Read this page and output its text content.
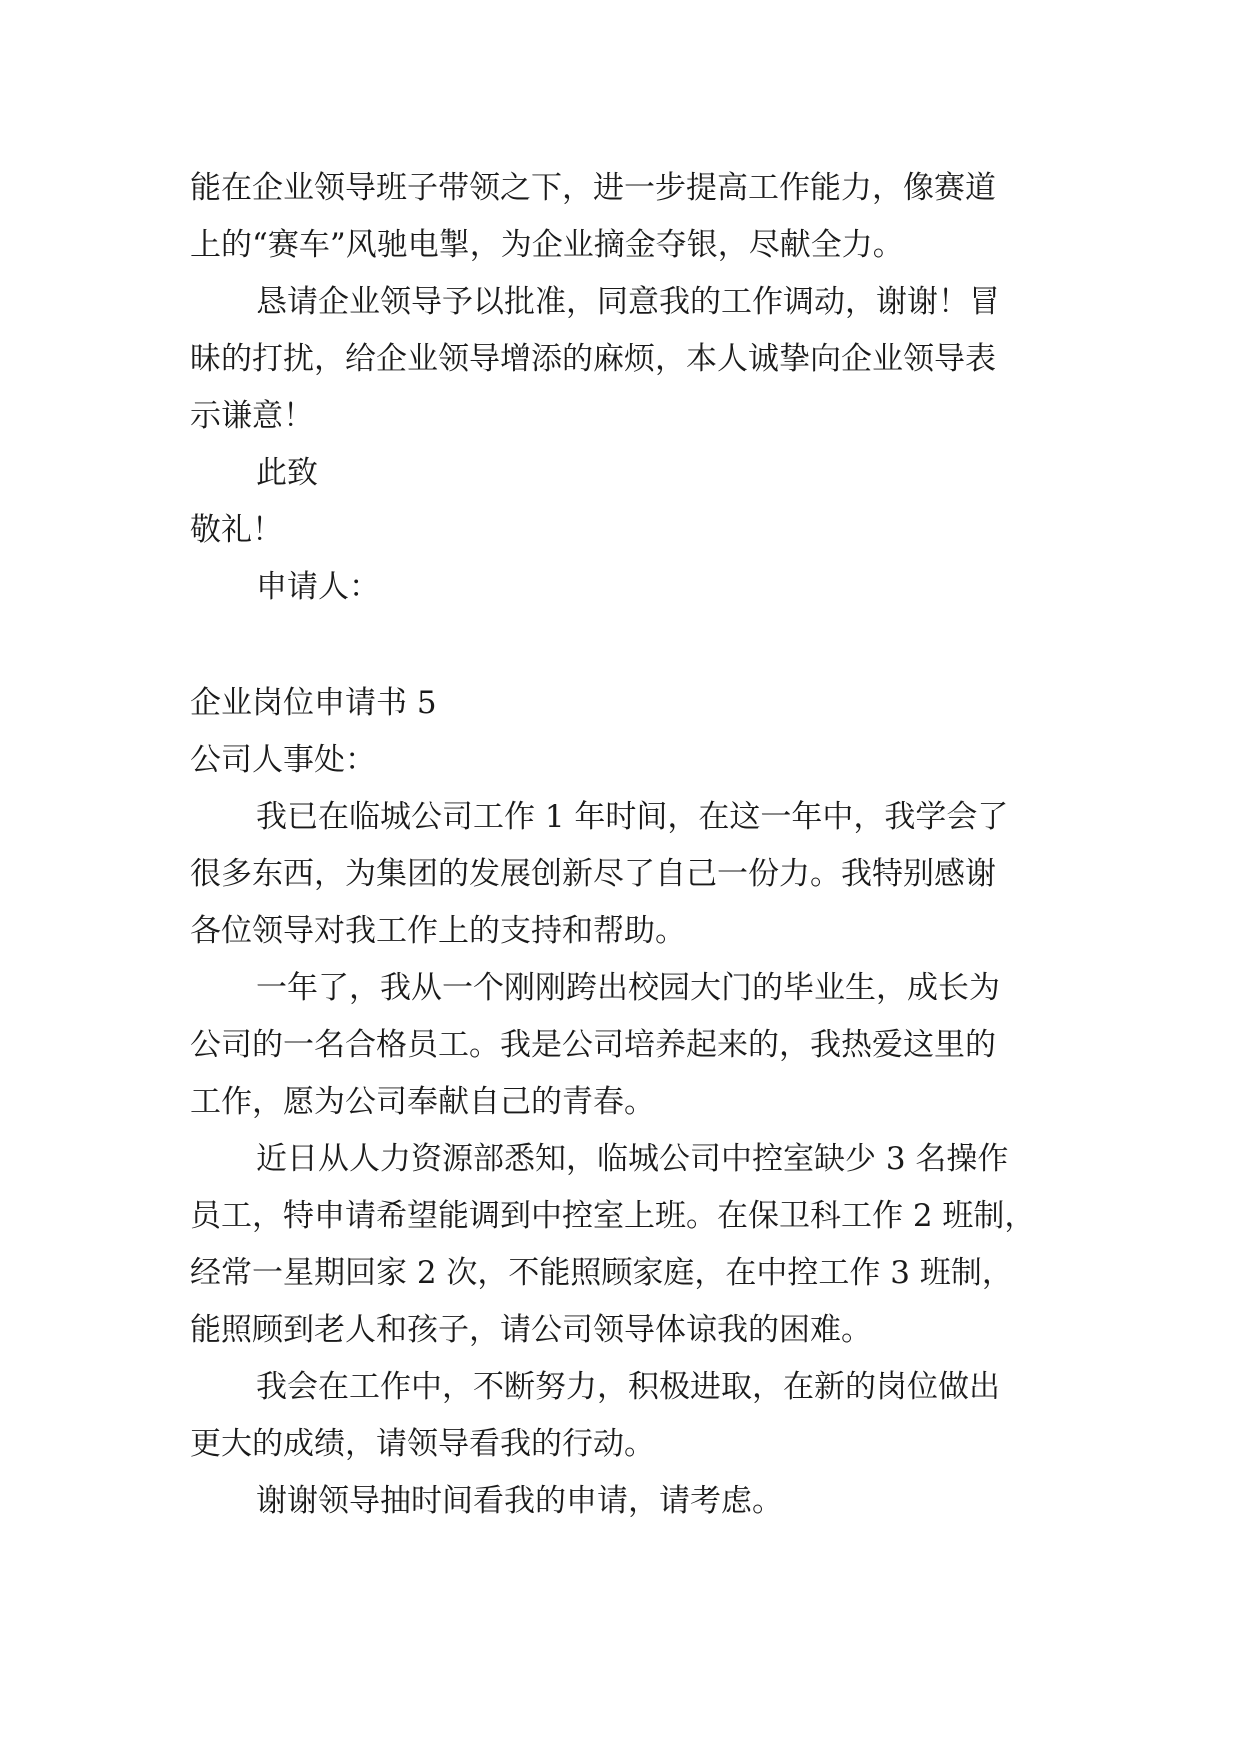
能在企业领导班子带领之下，进一步提高工作能力，像赛道
上的“赛车”风驰电掣，为企业摘金夺银，尽献全力。
恳请企业领导予以批准，同意我的工作调动，谢谢！冒
昧的打扰，给企业领导增添的麻烦，本人诚挚向企业领导表
示谦意！
此致
敬礼！
申请人：
企业岗位申请书 5
公司人事处：
我已在临城公司工作 1 年时间，在这一年中，我学会了
很多东西，为集团的发展创新尽了自己一份力。我特别感谢
各位领导对我工作上的支持和帮助。
一年了，我从一个刚刚跨出校园大门的毕业生，成长为
公司的一名合格员工。我是公司培养起来的，我热爱这里的
工作，愿为公司奉献自己的青春。
近日从人力资源部悉知，临城公司中控室缺少 3 名操作
员工，特申请希望能调到中控室上班。在保卫科工作 2 班制，
经常一星期回家 2 次，不能照顾家庭，在中控工作 3 班制，
能照顾到老人和孩子，请公司领导体谅我的困难。
我会在工作中，不断努力，积极进取，在新的岗位做出
更大的成绩，请领导看我的行动。
谢谢领导抽时间看我的申请，请考虑。
